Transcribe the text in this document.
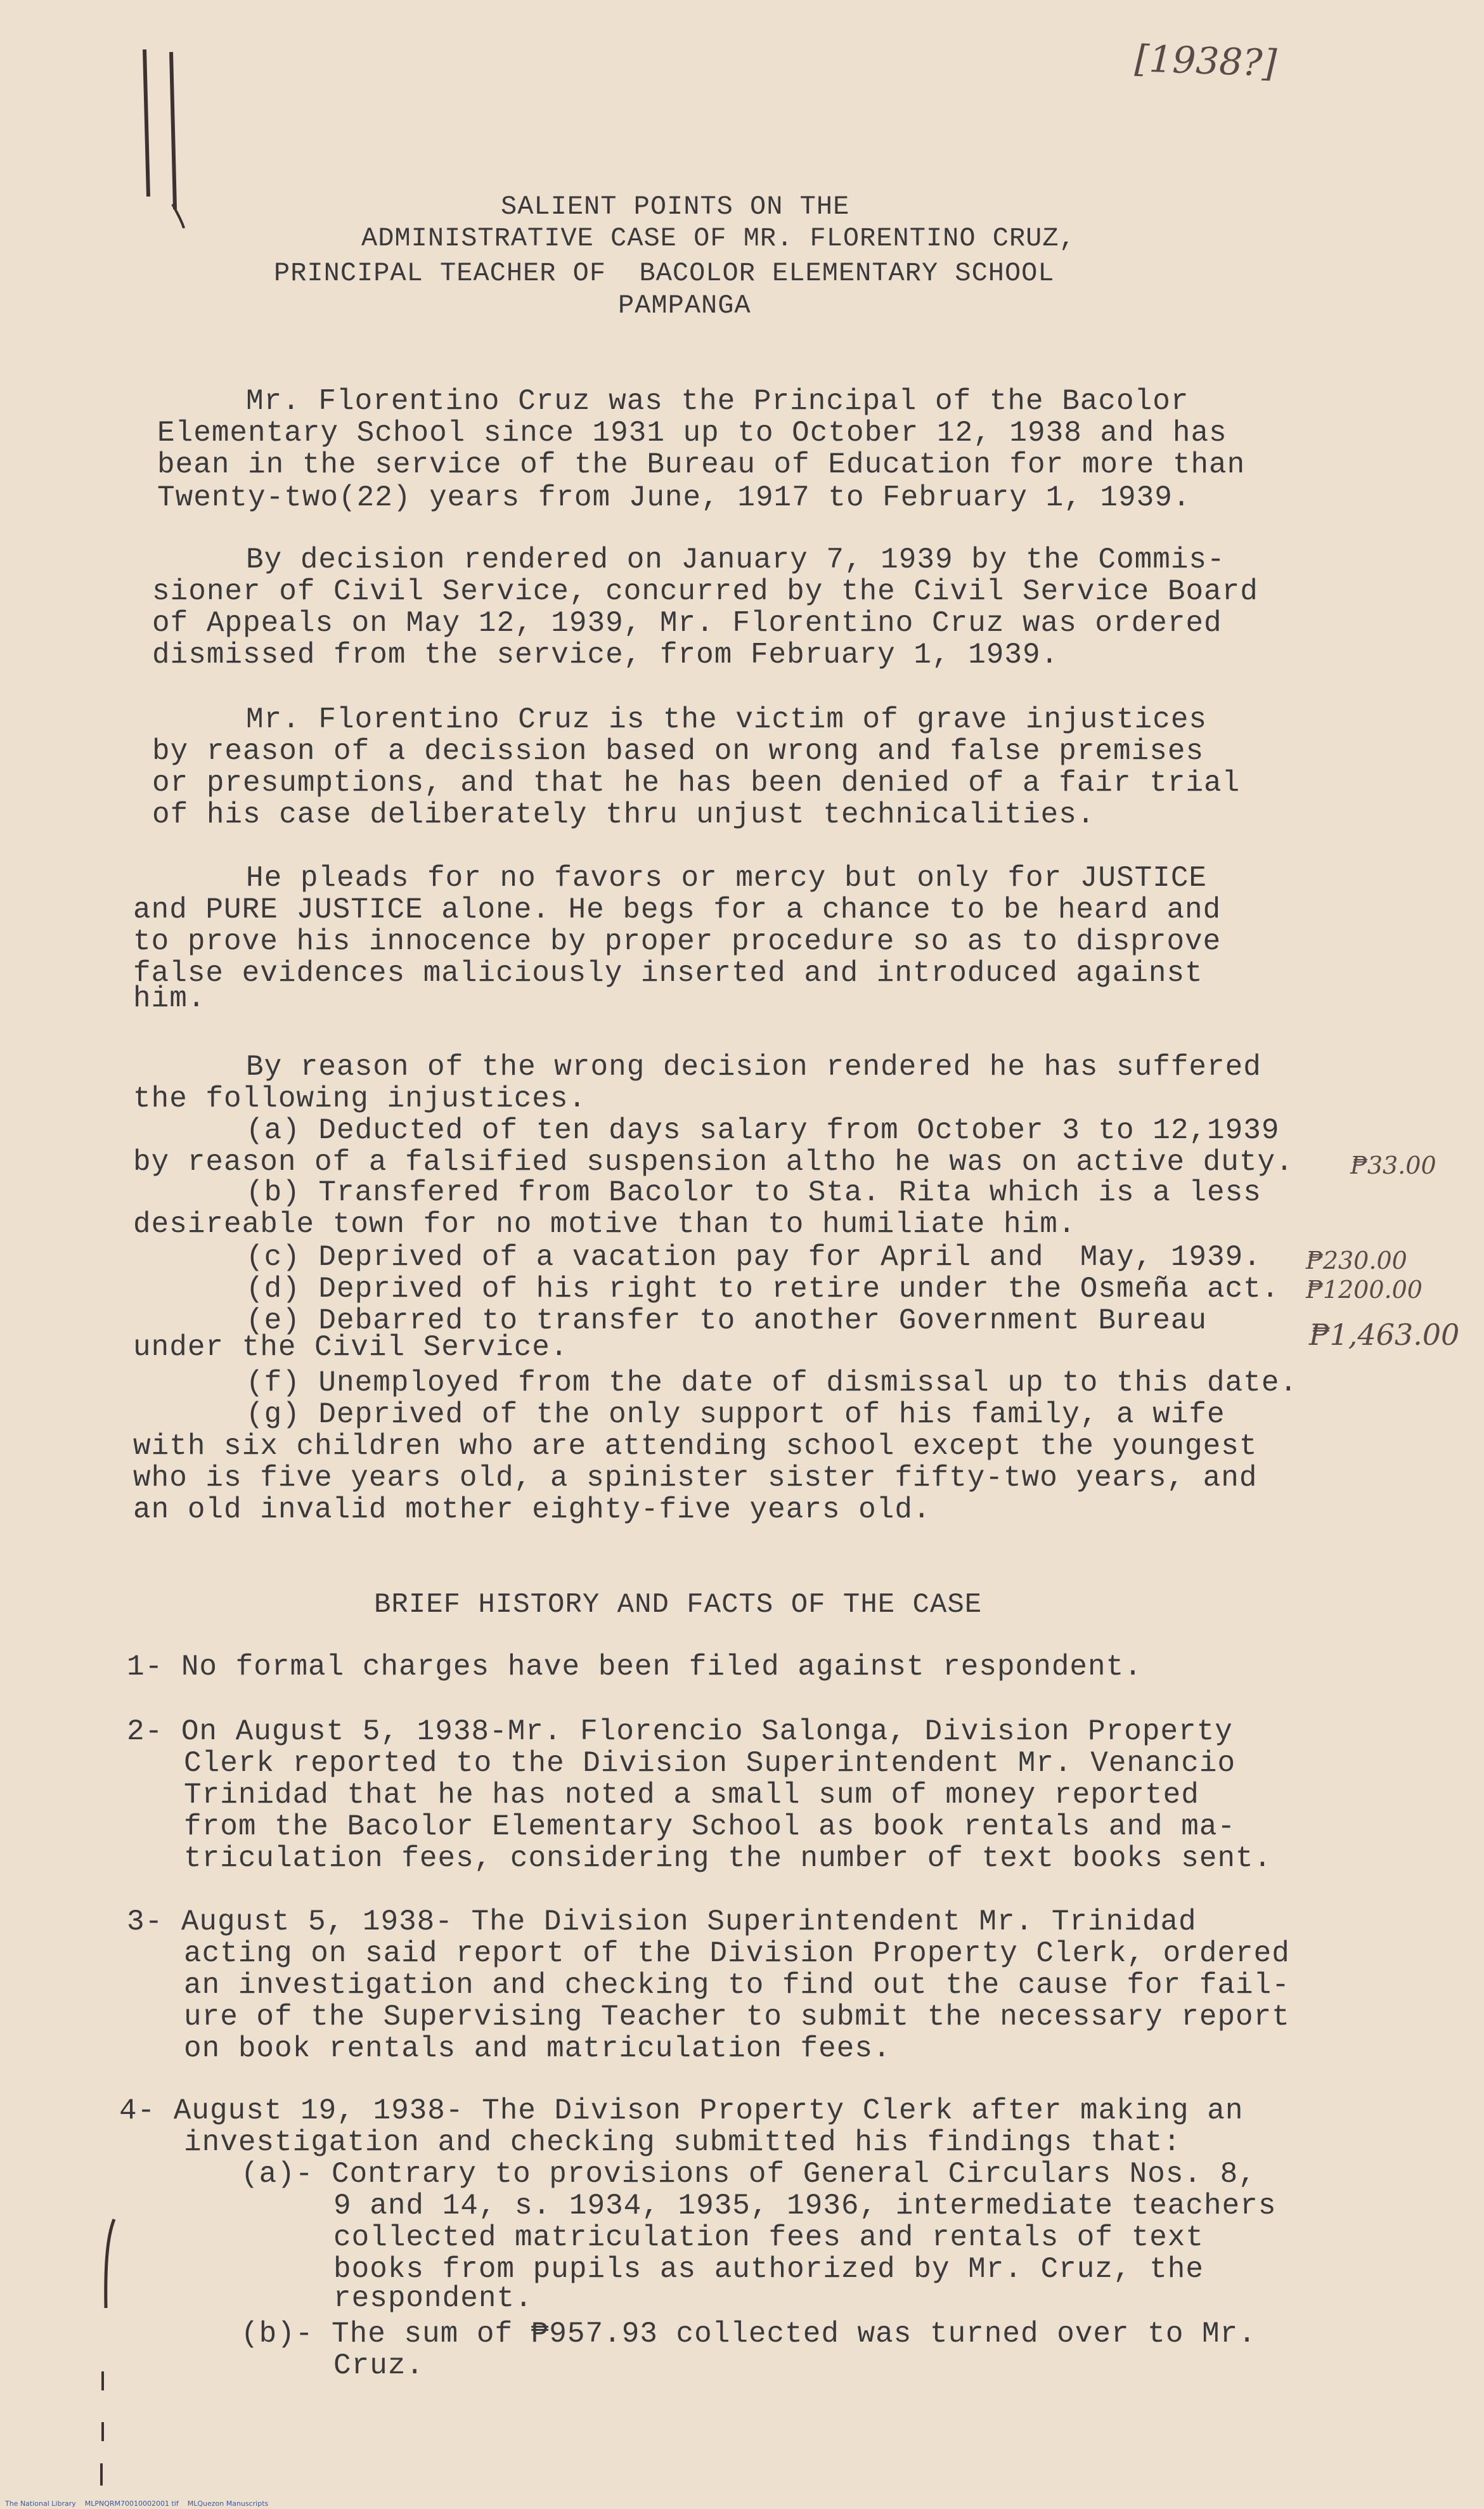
[1938?]
SALIENT POINTS ON THE
ADMINISTRATIVE CASE OF MR. FLORENTINO CRUZ,
PRINCIPAL TEACHER OF  BACOLOR ELEMENTARY SCHOOL
PAMPANGA
Mr. Florentino Cruz was the Principal of the Bacolor
Elementary School since 1931 up to October 12, 1938 and has
bean in the service of the Bureau of Education for more than
Twenty-two(22) years from June, 1917 to February 1, 1939.
By decision rendered on January 7, 1939 by the Commis-
sioner of Civil Service, concurred by the Civil Service Board
of Appeals on May 12, 1939, Mr. Florentino Cruz was ordered
dismissed from the service, from February 1, 1939.
Mr. Florentino Cruz is the victim of grave injustices
by reason of a decission based on wrong and false premises
or presumptions, and that he has been denied of a fair trial
of his case deliberately thru unjust technicalities.
He pleads for no favors or mercy but only for JUSTICE
and PURE JUSTICE alone. He begs for a chance to be heard and
to prove his innocence by proper procedure so as to disprove
false evidences maliciously inserted and introduced against
him.
By reason of the wrong decision rendered he has suffered
the following injustices.
(a) Deducted of ten days salary from October 3 to 12,1939
by reason of a falsified suspension altho he was on active duty.
(b) Transfered from Bacolor to Sta. Rita which is a less
desireable town for no motive than to humiliate him.
(c) Deprived of a vacation pay for April and  May, 1939.
(d) Deprived of his right to retire under the Osmeña act.
(e) Debarred to transfer to another Government Bureau
under the Civil Service.
(f) Unemployed from the date of dismissal up to this date.
(g) Deprived of the only support of his family, a wife
with six children who are attending school except the youngest
who is five years old, a spinister sister fifty-two years, and
an old invalid mother eighty-five years old.
₱33.00
₱230.00
₱1200.00
₱1,463.00
BRIEF HISTORY AND FACTS OF THE CASE
1- No formal charges have been filed against respondent.
2- On August 5, 1938-Mr. Florencio Salonga, Division Property
Clerk reported to the Division Superintendent Mr. Venancio
Trinidad that he has noted a small sum of money reported
from the Bacolor Elementary School as book rentals and ma-
triculation fees, considering the number of text books sent.
3- August 5, 1938- The Division Superintendent Mr. Trinidad
acting on said report of the Division Property Clerk, ordered
an investigation and checking to find out the cause for fail-
ure of the Supervising Teacher to submit the necessary report
on book rentals and matriculation fees.
4- August 19, 1938- The Divison Property Clerk after making an
investigation and checking submitted his findings that:
(a)- Contrary to provisions of General Circulars Nos. 8,
9 and 14, s. 1934, 1935, 1936, intermediate teachers
collected matriculation fees and rentals of text
books from pupils as authorized by Mr. Cruz, the
respondent.
(b)- The sum of ₱957.93 collected was turned over to Mr.
Cruz.
The National Library    MLPNQRM70010002001 tif    MLQuezon Manuscripts
